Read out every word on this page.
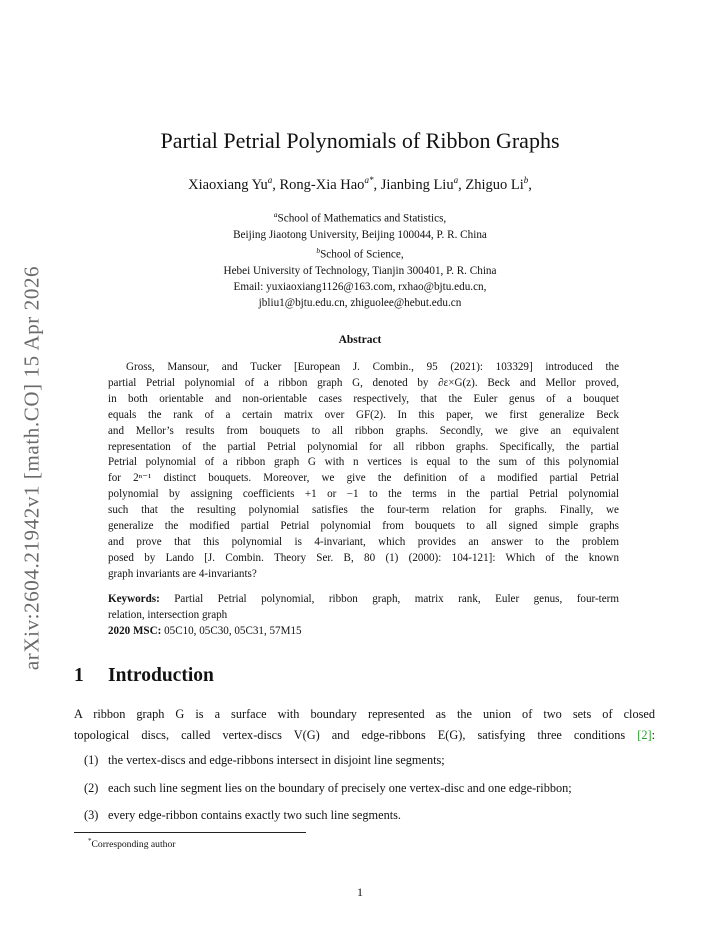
arXiv:2604.21942v1 [math.CO] 15 Apr 2026
Partial Petrial Polynomials of Ribbon Graphs
Xiaoxiang Yu$^a$, Rong-Xia Hao$^{a*}$, Jianbing Liu$^a$, Zhiguo Li$^b$,
$^a$School of Mathematics and Statistics,
Beijing Jiaotong University, Beijing 100044, P. R. China
$^b$School of Science,
Hebei University of Technology, Tianjin 300401, P. R. China
Email: yuxiaoxiang1126@163.com, rxhao@bjtu.edu.cn,
jbliu1@bjtu.edu.cn, zhiguolee@hebut.edu.cn
Abstract
Gross, Mansour, and Tucker [European J. Combin., 95 (2021): 103329] introduced the
partial Petrial polynomial of a ribbon graph G, denoted by ∂ε×G(z). Beck and Mellor proved,
in both orientable and non-orientable cases respectively, that the Euler genus of a bouquet
equals the rank of a certain matrix over GF(2). In this paper, we first generalize Beck
and Mellor’s results from bouquets to all ribbon graphs. Secondly, we give an equivalent
representation of the partial Petrial polynomial for all ribbon graphs. Specifically, the partial
Petrial polynomial of a ribbon graph G with n vertices is equal to the sum of this polynomial
for 2ⁿ⁻¹ distinct bouquets. Moreover, we give the definition of a modified partial Petrial
polynomial by assigning coefficients +1 or −1 to the terms in the partial Petrial polynomial
such that the resulting polynomial satisfies the four-term relation for graphs. Finally, we
generalize the modified partial Petrial polynomial from bouquets to all signed simple graphs
and prove that this polynomial is 4-invariant, which provides an answer to the problem
posed by Lando [J. Combin. Theory Ser. B, 80 (1) (2000): 104-121]: Which of the known
graph invariants are 4-invariants?
Keywords: Partial Petrial polynomial, ribbon graph, matrix rank, Euler genus, four-term
relation, intersection graph
2020 MSC: 05C10, 05C30, 05C31, 57M15
1 Introduction
A ribbon graph G is a surface with boundary represented as the union of two sets of closed
topological discs, called vertex-discs V(G) and edge-ribbons E(G), satisfying three conditions [2]:
(1) the vertex-discs and edge-ribbons intersect in disjoint line segments;
(2) each such line segment lies on the boundary of precisely one vertex-disc and one edge-ribbon;
(3) every edge-ribbon contains exactly two such line segments.
*Corresponding author
1
